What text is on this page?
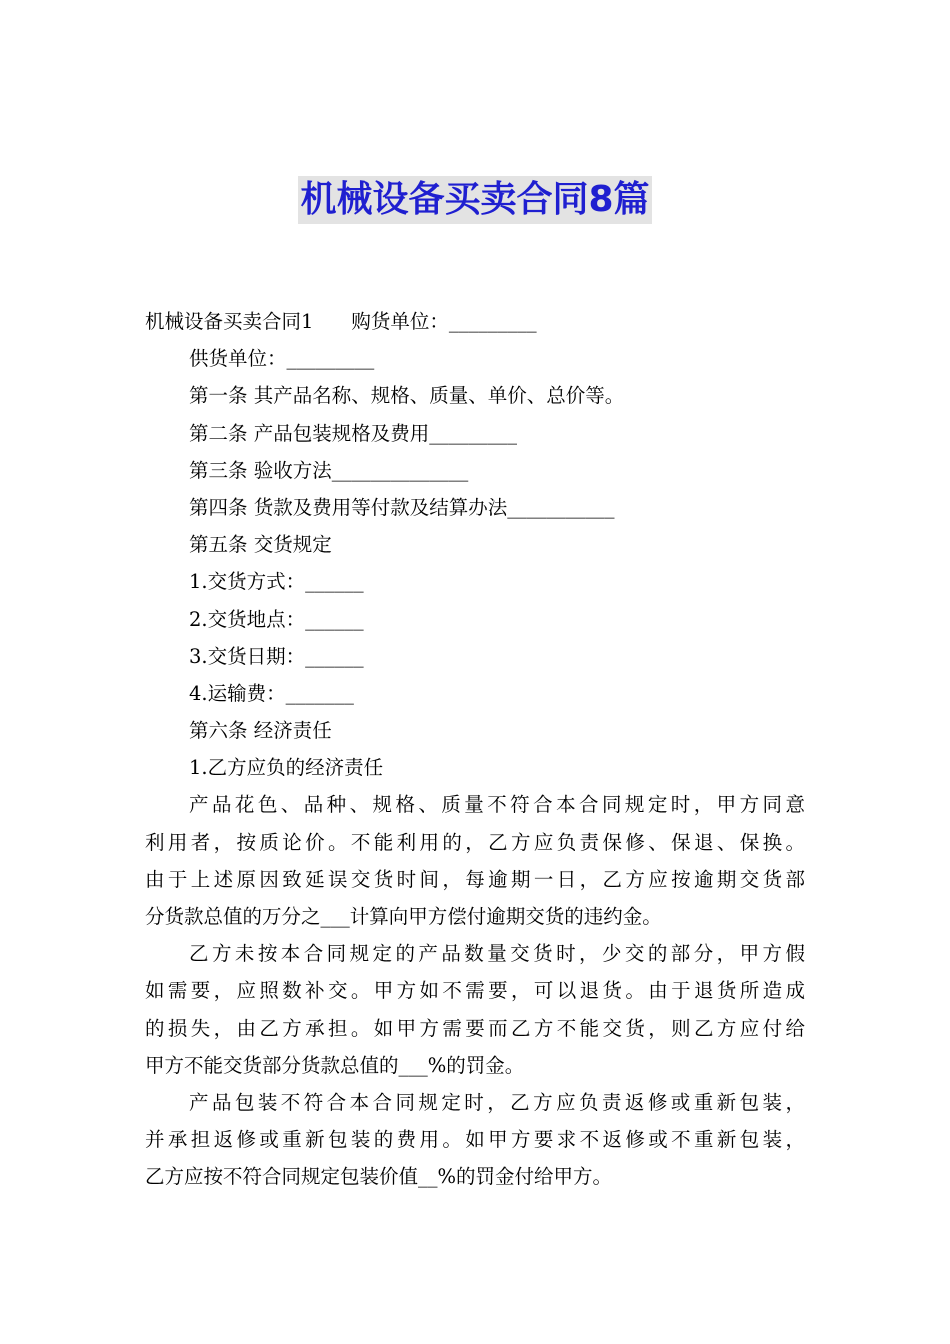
机械设备买卖合同8篇
机械设备买卖合同1 购货单位：_________
供货单位：_________
第一条 其产品名称、规格、质量、单价、总价等。
第二条 产品包装规格及费用_________
第三条 验收方法______________
第四条 货款及费用等付款及结算办法___________
第五条 交货规定
1.交货方式：______
2.交货地点：______
3.交货日期：______
4.运输费：_______
第六条 经济责任
1.乙方应负的经济责任

产品花色、品种、规格、质量不符合本合同规定时，甲方同意
利用者，按质论价。不能利用的，乙方应负责保修、保退、保换。
由于上述原因致延误交货时间，每逾期一日，乙方应按逾期交货部
分货款总值的万分之___计算向甲方偿付逾期交货的违约金。

乙方未按本合同规定的产品数量交货时，少交的部分，甲方假
如需要，应照数补交。甲方如不需要，可以退货。由于退货所造成
的损失，由乙方承担。如甲方需要而乙方不能交货，则乙方应付给
甲方不能交货部分货款总值的___%的罚金。

产品包装不符合本合同规定时，乙方应负责返修或重新包装，
并承担返修或重新包装的费用。如甲方要求不返修或不重新包装，
乙方应按不符合同规定包装价值__%的罚金付给甲方。
